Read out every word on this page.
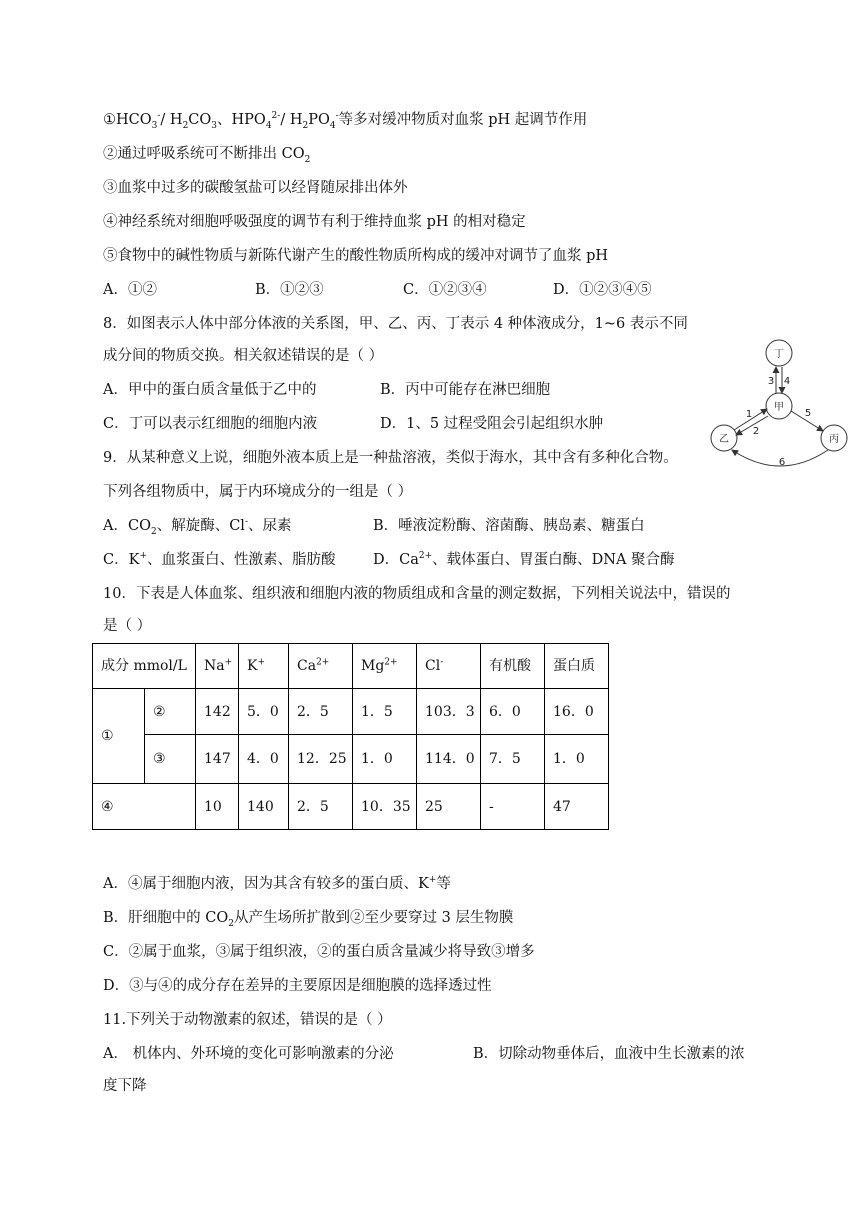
$①HCO_3^-/$ $H_2CO_3$、$HPO_4^{2-}/$ $H_2PO_4^-$等多对缓冲物质对血浆 pH 起调节作用
②通过呼吸系统可不断排出 $CO_2$
③血浆中过多的碳酸氢盐可以经肾随尿排出体外
④神经系统对细胞呼吸强度的调节有利于维持血浆 pH 的相对稳定
⑤食物中的碱性物质与新陈代谢产生的酸性物质所构成的缓冲对调节了血浆 pH
A．①②	B．①②③	C．①②③④	D．①②③④⑤
8．如图表示人体中部分体液的关系图，甲、乙、丙、丁表示 4 种体液成分，1~6 表示不同
成分间的物质交换。相关叙述错误的是（ ）
A．甲中的蛋白质含量低于乙中的	B．丙中可能存在淋巴细胞
C．丁可以表示红细胞的细胞内液	D．1、5 过程受阻会引起组织水肿
丁
甲
乙	丙
3 4
1
2
5
6
9．从某种意义上说，细胞外液本质上是一种盐溶液，类似于海水，其中含有多种化合物。
下列各组物质中，属于内环境成分的一组是（ ）
A．$CO_2$、解旋酶、Cl-、尿素	B．唾液淀粉酶、溶菌酶、胰岛素、糖蛋白
C．K+、血浆蛋白、性激素、脂肪酸	D．$Ca^{2+}$、载体蛋白、胃蛋白酶、DNA 聚合酶
10．下表是人体血浆、组织液和细胞内液的物质组成和含量的测定数据，下列相关说法中，错误的
是（ ）
成分 mmol/L		Na+	K+	$Ca^{2+}$	$Mg^{2+}$	Cl-	有机酸	蛋白质
①	②	142	5．0	2．5	1．5	103．3	6．0	16．0
	③	147	4．0	12．25	1．0	114．0	7．5	1．0
④		10	140	2．5	10．35	25	-	47
A．④属于细胞内液，因为其含有较多的蛋白质、K+等
B．肝细胞中的 $CO_2$从产生场所扩散到②至少要穿过 3 层生物膜
C．②属于血浆，③属于组织液，②的蛋白质含量减少将导致③增多
D．③与④的成分存在差异的主要原因是细胞膜的选择透过性
11.下列关于动物激素的叙述，错误的是（ ）
A． 机体内、外环境的变化可影响激素的分泌	B．切除动物垂体后，血液中生长激素的浓
度下降
